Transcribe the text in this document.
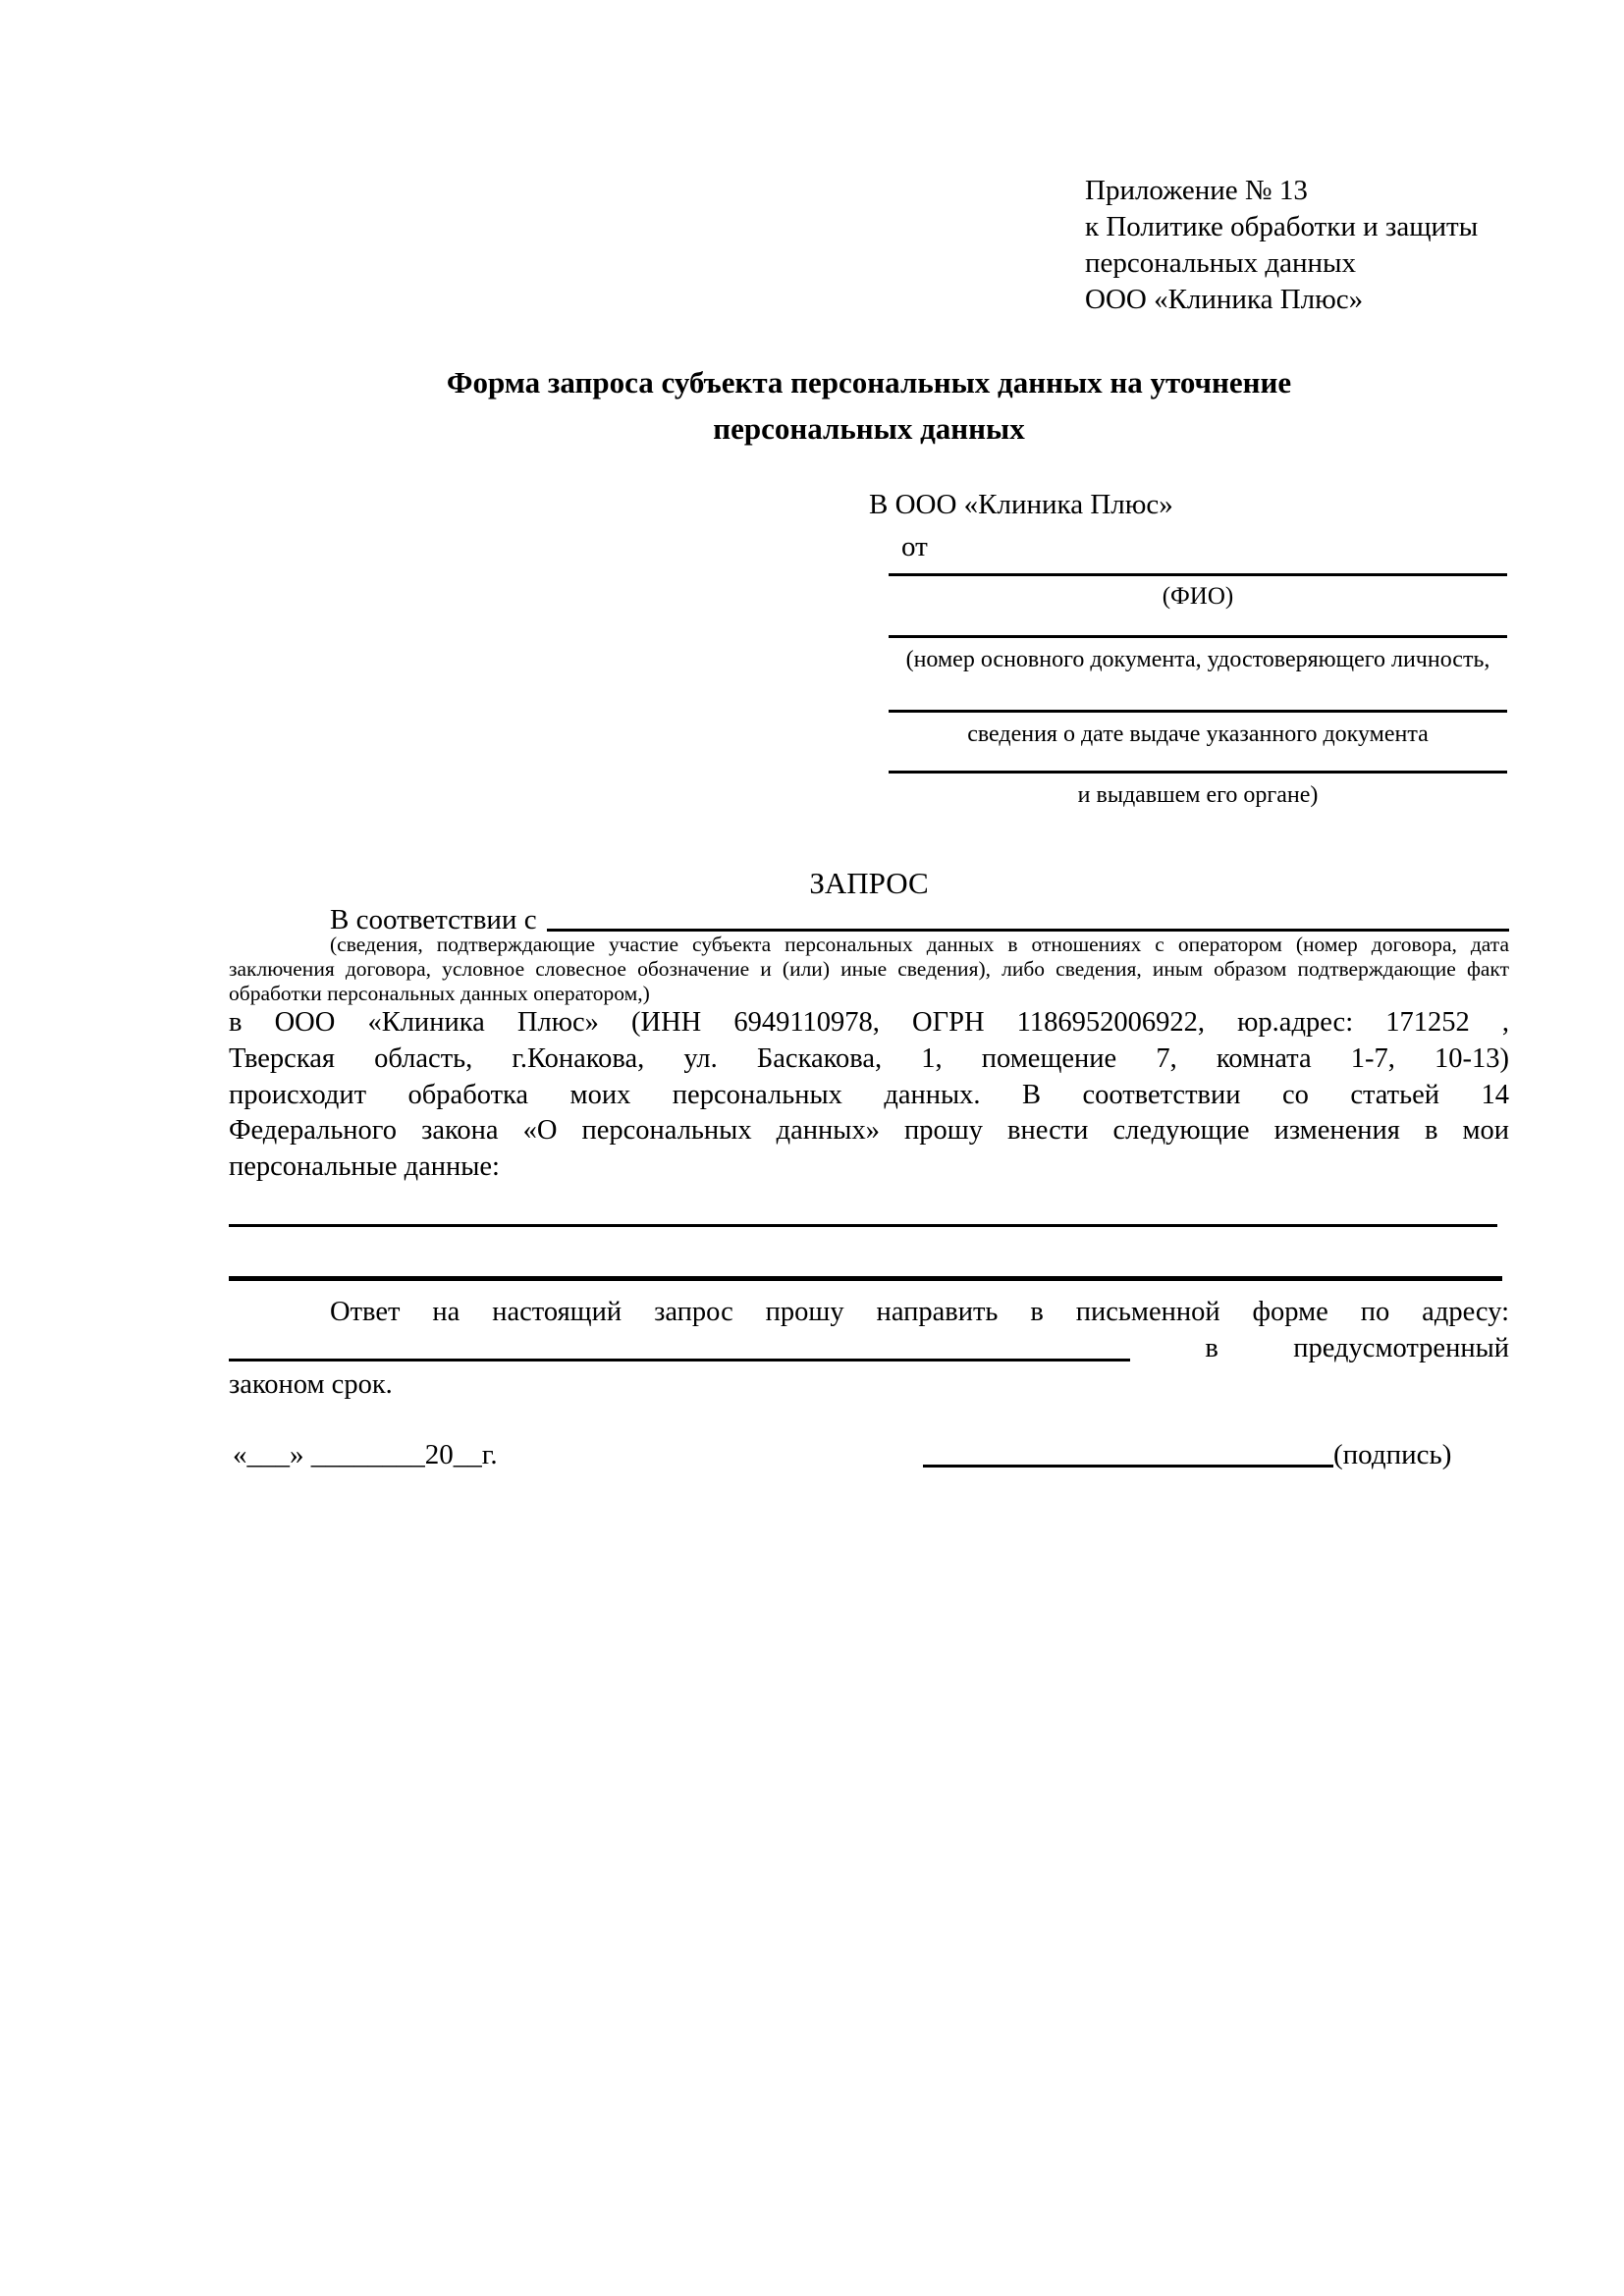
Приложение № 13
к Политике обработки и защиты
персональных данных
ООО «Клиника Плюс»
Форма запроса субъекта персональных данных на уточнение
персональных данных
В ООО «Клиника Плюс»
от
(ФИО)
(номер основного документа, удостоверяющего личность,
сведения о дате выдаче указанного документа
и выдавшем его органе)
ЗАПРОС
В соответствии с
(сведения, подтверждающие участие субъекта персональных данных в отношениях с оператором (номер договора, дата
заключения договора, условное словесное обозначение и (или) иные сведения), либо сведения, иным образом подтверждающие факт
обработки персональных данных оператором,)
в ООО «Клиника Плюс» (ИНН 6949110978, ОГРН 1186952006922, юр.адрес: 171252 ,
Тверская область, г.Конакова, ул. Баскакова, 1, помещение 7, комната 1-7, 10-13)
происходит обработка моих персональных данных. В соответствии со статьей 14
Федерального закона «О персональных данных» прошу внести следующие изменения в мои
персональные данные:
Ответ на настоящий запрос прошу направить в письменной форме по адресу:
в	предусмотренный
законом срок.
«___» ________20__г.	(подпись)
